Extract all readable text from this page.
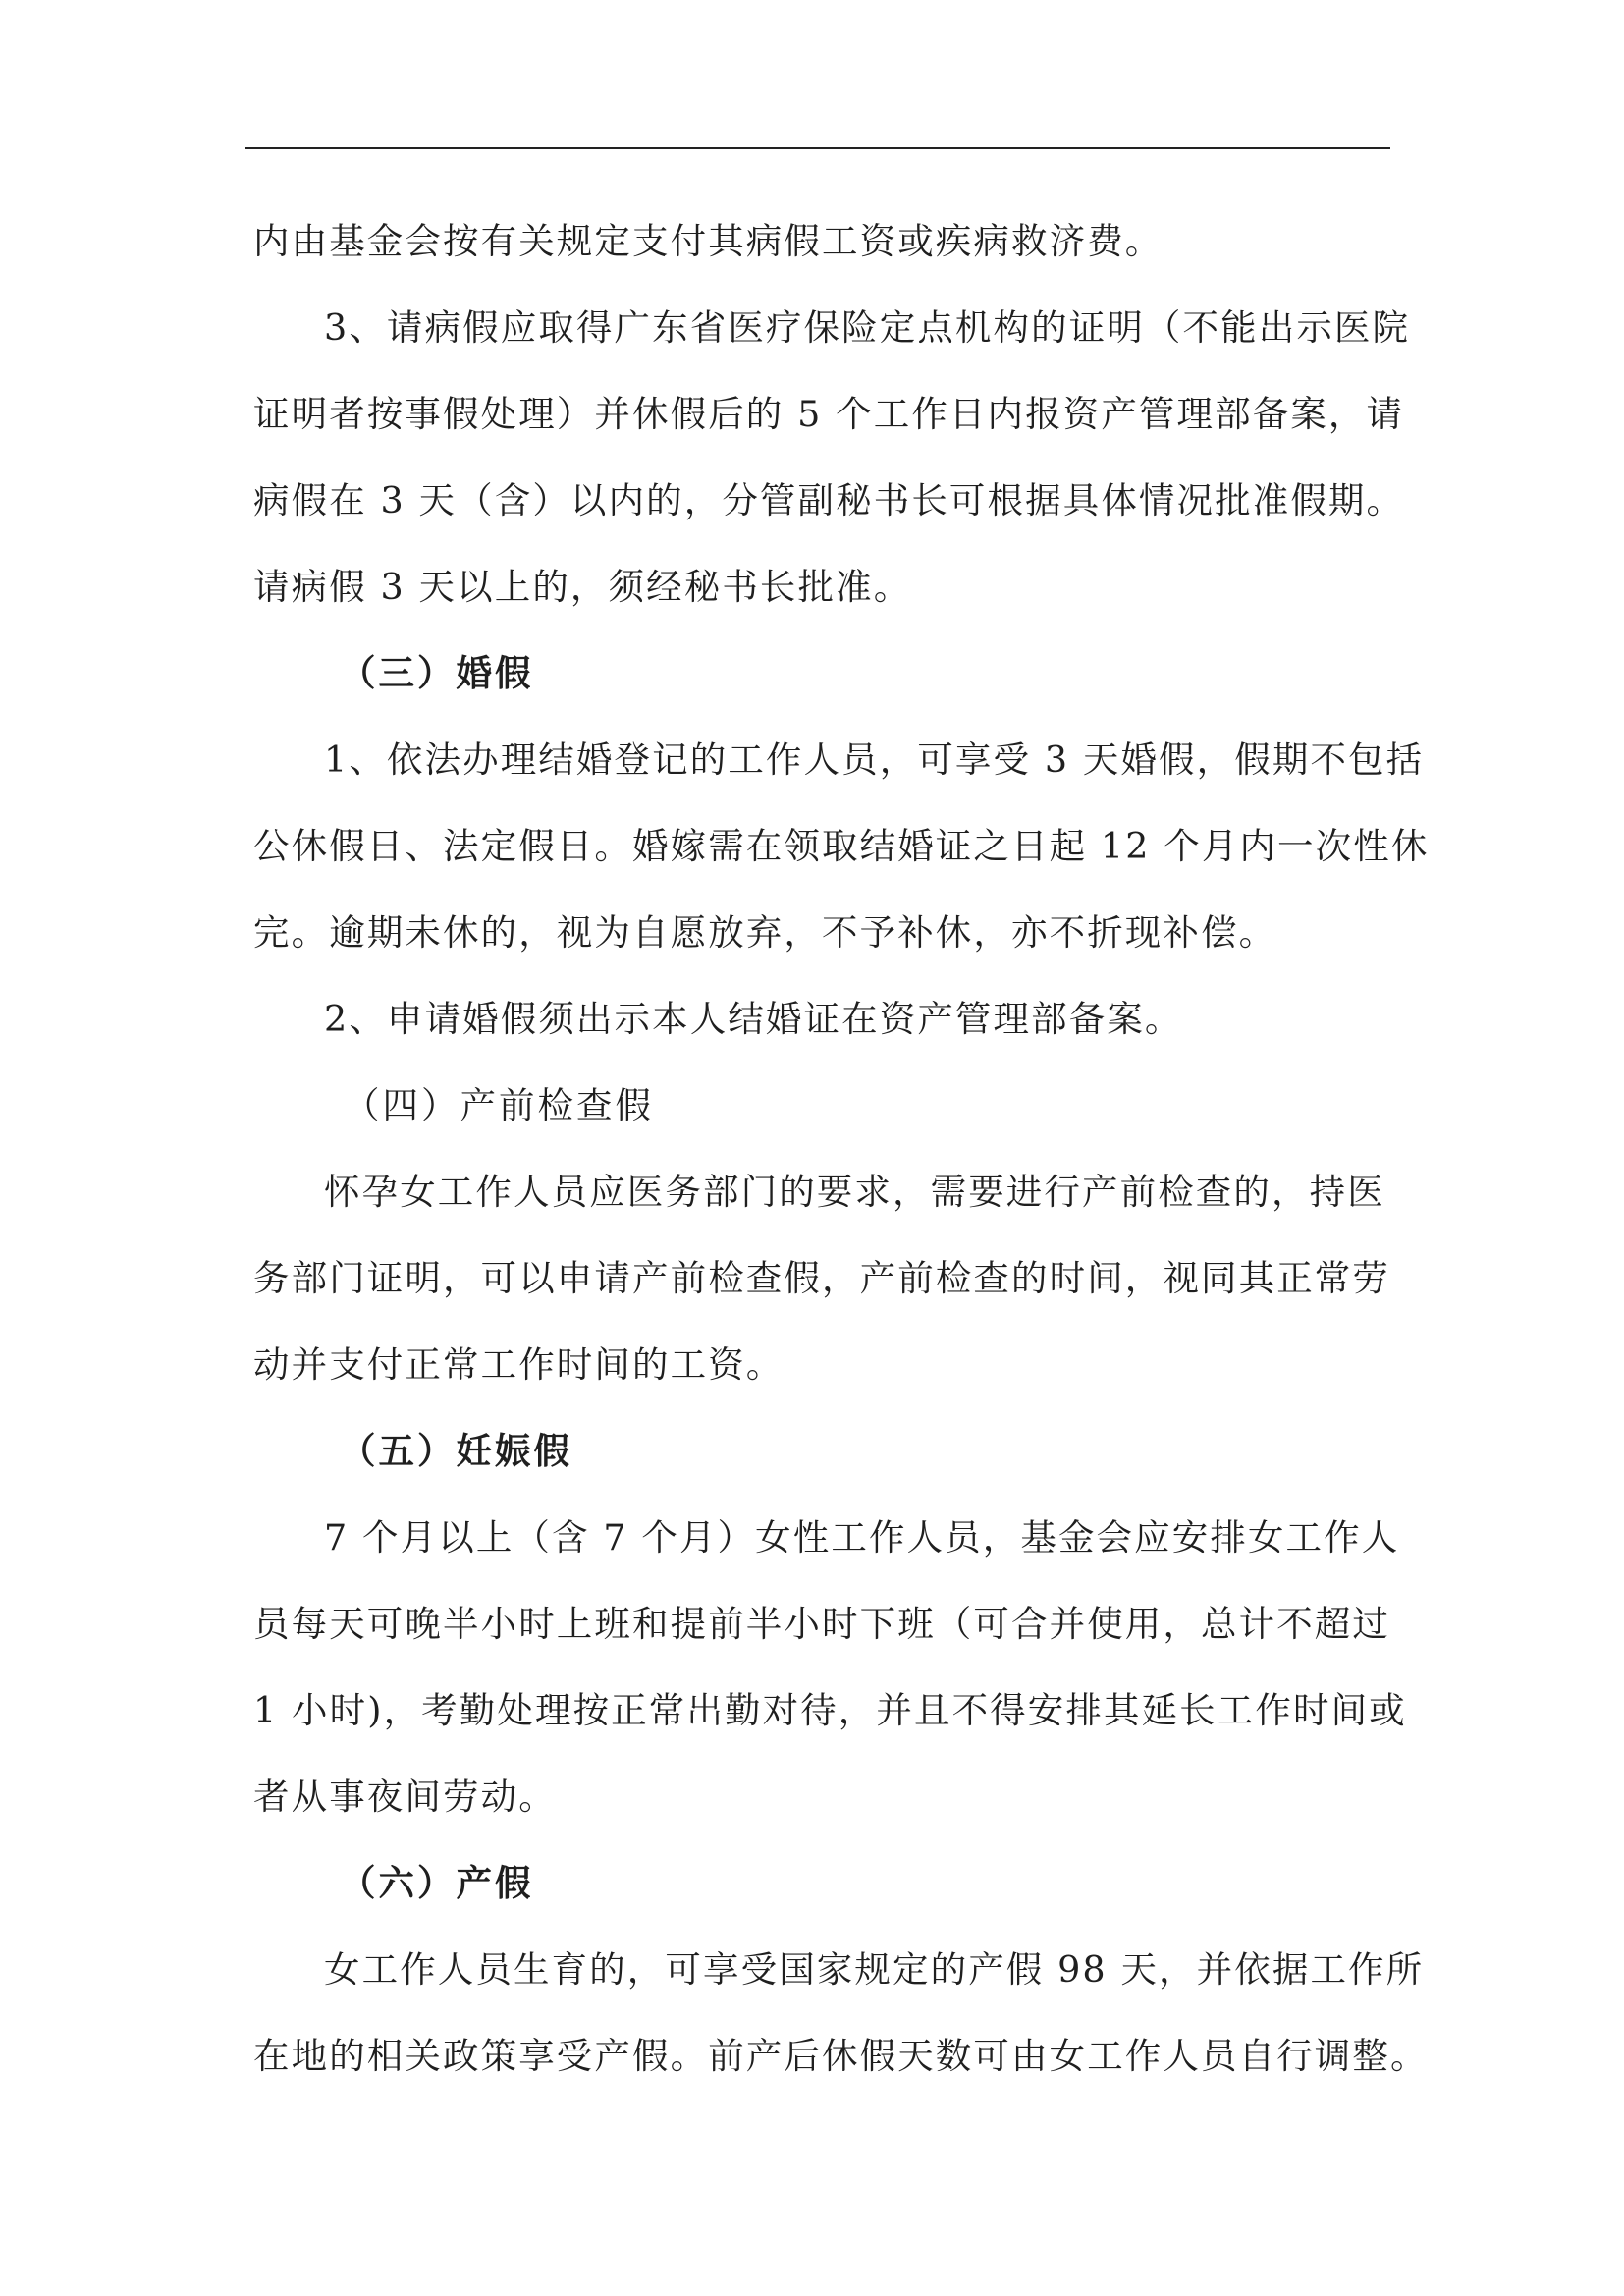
内由基金会按有关规定支付其病假工资或疾病救济费。
3、请病假应取得广东省医疗保险定点机构的证明（不能出示医院
证明者按事假处理）并休假后的 5 个工作日内报资产管理部备案，请
病假在 3 天（含）以内的，分管副秘书长可根据具体情况批准假期。
请病假 3 天以上的，须经秘书长批准。
（三）婚假
1、依法办理结婚登记的工作人员，可享受 3 天婚假，假期不包括
公休假日、法定假日。婚嫁需在领取结婚证之日起 12 个月内一次性休
完。逾期未休的，视为自愿放弃，不予补休，亦不折现补偿。
2、申请婚假须出示本人结婚证在资产管理部备案。
（四）产前检查假
怀孕女工作人员应医务部门的要求，需要进行产前检查的，持医
务部门证明，可以申请产前检查假，产前检查的时间，视同其正常劳
动并支付正常工作时间的工资。
（五）妊娠假
7 个月以上（含 7 个月）女性工作人员，基金会应安排女工作人
员每天可晚半小时上班和提前半小时下班（可合并使用，总计不超过
1 小时)，考勤处理按正常出勤对待，并且不得安排其延长工作时间或
者从事夜间劳动。
（六）产假
女工作人员生育的，可享受国家规定的产假 98 天，并依据工作所
在地的相关政策享受产假。前产后休假天数可由女工作人员自行调整。
